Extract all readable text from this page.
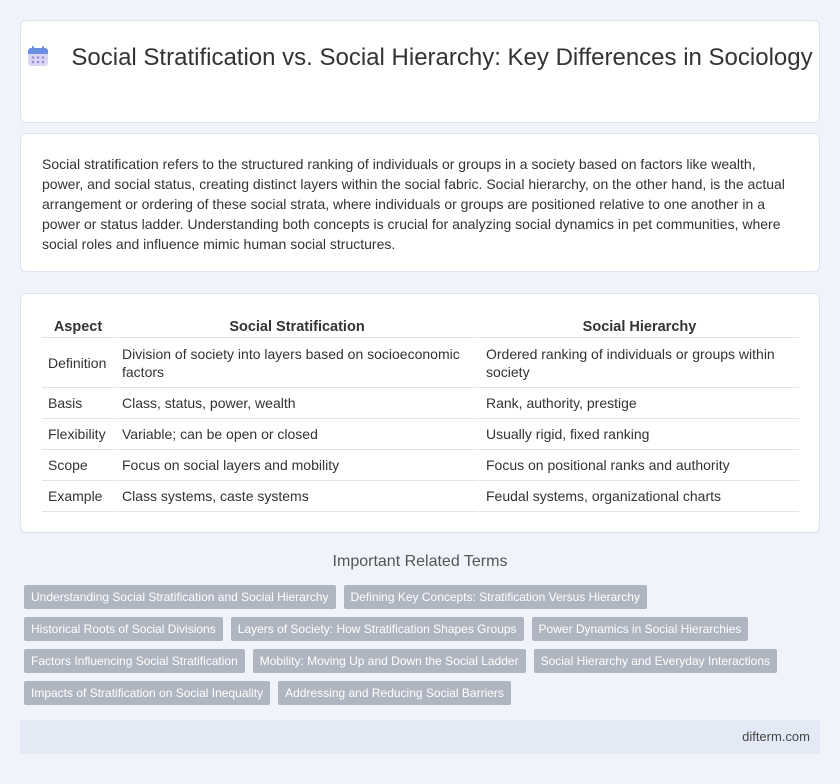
Social Stratification vs. Social Hierarchy: Key Differences in Sociology

Social stratification refers to the structured ranking of individuals or groups in a society based on factors like wealth, power, and social status, creating distinct layers within the social fabric. Social hierarchy, on the other hand, is the actual arrangement or ordering of these social strata, where individuals or groups are positioned relative to one another in a power or status ladder. Understanding both concepts is crucial for analyzing social dynamics in pet communities, where social roles and influence mimic human social structures.

Aspect	Social Stratification	Social Hierarchy
Definition	Division of society into layers based on socioeconomic factors	Ordered ranking of individuals or groups within society
Basis	Class, status, power, wealth	Rank, authority, prestige
Flexibility	Variable; can be open or closed	Usually rigid, fixed ranking
Scope	Focus on social layers and mobility	Focus on positional ranks and authority
Example	Class systems, caste systems	Feudal systems, organizational charts
Important Related Terms
Understanding Social Stratification and Social Hierarchy	Defining Key Concepts: Stratification Versus Hierarchy
Historical Roots of Social Divisions	Layers of Society: How Stratification Shapes Groups	Power Dynamics in Social Hierarchies
Factors Influencing Social Stratification	Mobility: Moving Up and Down the Social Ladder	Social Hierarchy and Everyday Interactions
Impacts of Stratification on Social Inequality	Addressing and Reducing Social Barriers
difterm.com
